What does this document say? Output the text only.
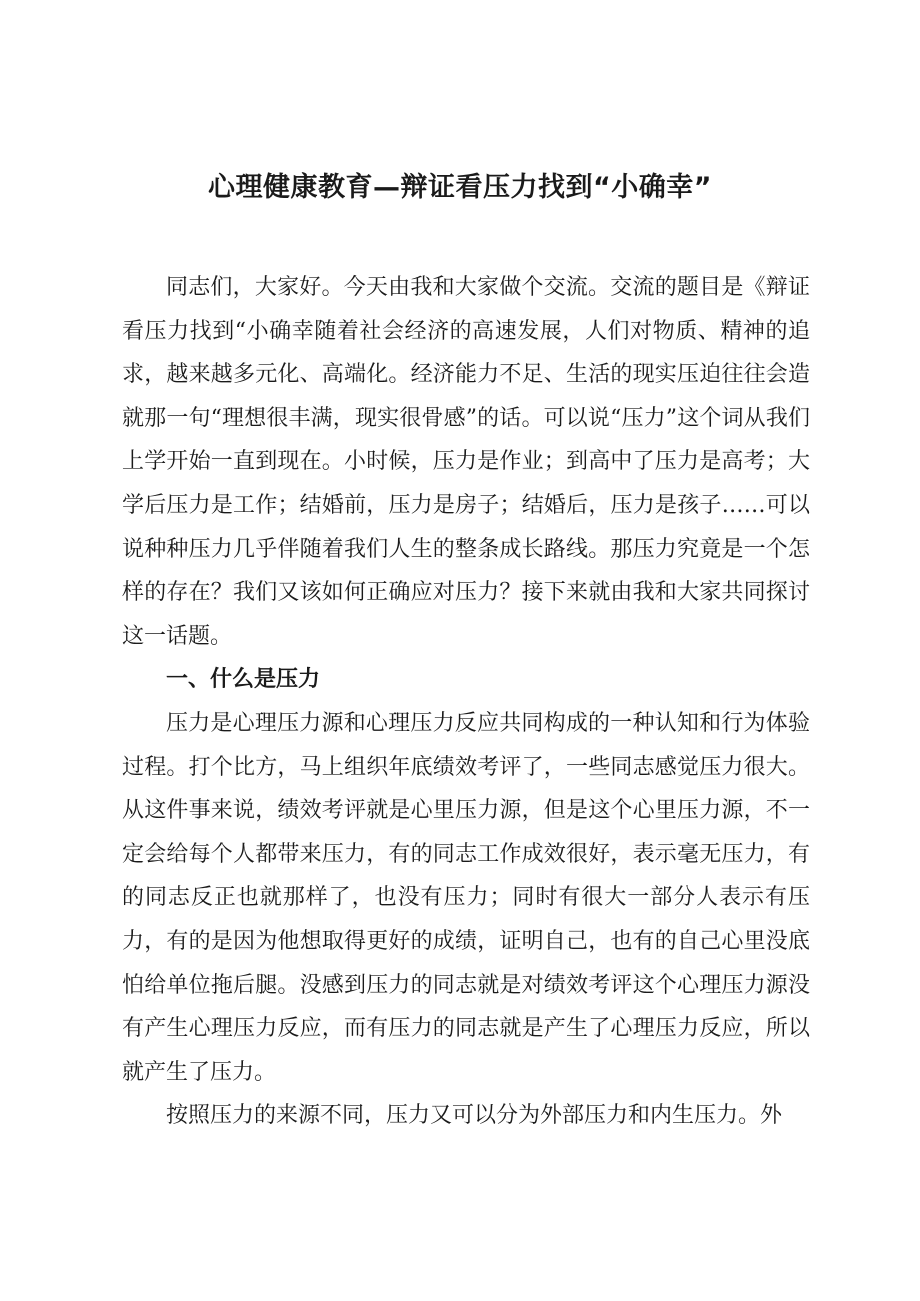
心理健康教育—辩证看压力找到“小确幸”

同志们，大家好。今天由我和大家做个交流。交流的题目是《辩证看压力找到“小确幸随着社会经济的高速发展，人们对物质、精神的追求，越来越多元化、高端化。经济能力不足、生活的现实压迫往往会造就那一句“理想很丰满，现实很骨感”的话。可以说“压力”这个词从我们上学开始一直到现在。小时候，压力是作业；到高中了压力是高考；大学后压力是工作；结婚前，压力是房子；结婚后，压力是孩子……可以说种种压力几乎伴随着我们人生的整条成长路线。那压力究竟是一个怎样的存在？我们又该如何正确应对压力？接下来就由我和大家共同探讨这一话题。

一、什么是压力

压力是心理压力源和心理压力反应共同构成的一种认知和行为体验过程。打个比方，马上组织年底绩效考评了，一些同志感觉压力很大。从这件事来说，绩效考评就是心里压力源，但是这个心里压力源，不一定会给每个人都带来压力，有的同志工作成效很好，表示毫无压力，有的同志反正也就那样了，也没有压力；同时有很大一部分人表示有压力，有的是因为他想取得更好的成绩，证明自己，也有的自己心里没底怕给单位拖后腿。没感到压力的同志就是对绩效考评这个心理压力源没有产生心理压力反应，而有压力的同志就是产生了心理压力反应，所以就产生了压力。

按照压力的来源不同，压力又可以分为外部压力和内生压力。外
